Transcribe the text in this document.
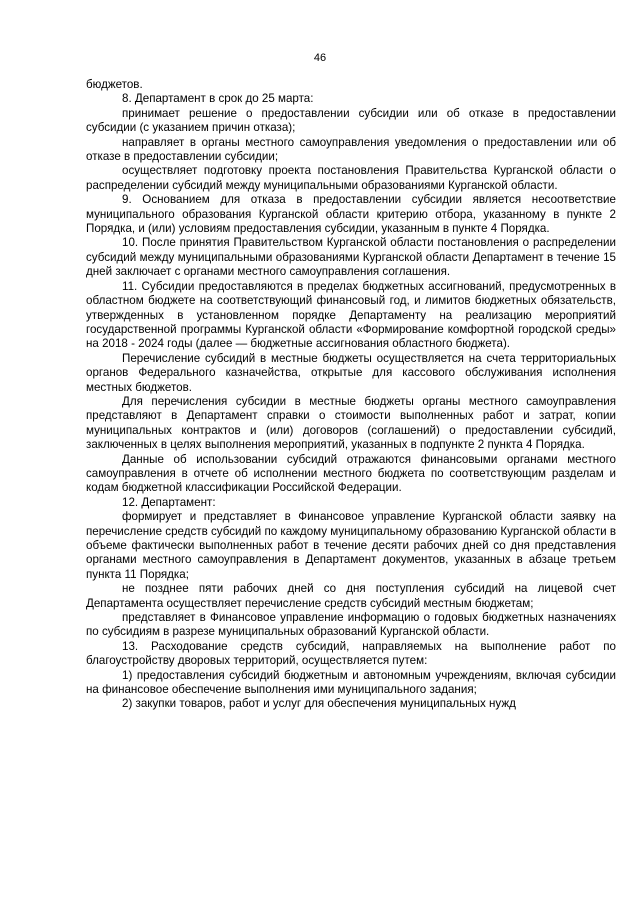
46

бюджетов.

8. Департамент в срок до 25 марта:

принимает решение о предоставлении субсидии или об отказе в предоставлении субсидии (с указанием причин отказа);

направляет в органы местного самоуправления уведомления о предоставлении или об отказе в предоставлении субсидии;

осуществляет подготовку проекта постановления Правительства Курганской области о распределении субсидий между муниципальными образованиями Курганской области.

9. Основанием для отказа в предоставлении субсидии является несоответствие муниципального образования Курганской области критерию отбора, указанному в пункте 2 Порядка, и (или) условиям предоставления субсидии, указанным в пункте 4 Порядка.

10. После принятия Правительством Курганской области постановления о распределении субсидий между муниципальными образованиями Курганской области Департамент в течение 15 дней заключает с органами местного самоуправления соглашения.

11. Субсидии предоставляются в пределах бюджетных ассигнований, предусмотренных в областном бюджете на соответствующий финансовый год, и лимитов бюджетных обязательств, утвержденных в установленном порядке Департаменту на реализацию мероприятий государственной программы Курганской области «Формирование комфортной городской среды» на 2018 - 2024 годы (далее — бюджетные ассигнования областного бюджета).

Перечисление субсидий в местные бюджеты осуществляется на счета территориальных органов Федерального казначейства, открытые для кассового обслуживания исполнения местных бюджетов.

Для перечисления субсидии в местные бюджеты органы местного самоуправления представляют в Департамент справки о стоимости выполненных работ и затрат, копии муниципальных контрактов и (или) договоров (соглашений) о предоставлении субсидий, заключенных в целях выполнения мероприятий, указанных в подпункте 2 пункта 4 Порядка.

Данные об использовании субсидий отражаются финансовыми органами местного самоуправления в отчете об исполнении местного бюджета по соответствующим разделам и кодам бюджетной классификации Российской Федерации.

12. Департамент:

формирует и представляет в Финансовое управление Курганской области заявку на перечисление средств субсидий по каждому муниципальному образованию Курганской области в объеме фактически выполненных работ в течение десяти рабочих дней со дня представления органами местного самоуправления в Департамент документов, указанных в абзаце третьем пункта 11 Порядка;

не позднее пяти рабочих дней со дня поступления субсидий на лицевой счет Департамента осуществляет перечисление средств субсидий местным бюджетам;

представляет в Финансовое управление информацию о годовых бюджетных назначениях по субсидиям в разрезе муниципальных образований Курганской области.

13. Расходование средств субсидий, направляемых на выполнение работ по благоустройству дворовых территорий, осуществляется путем:

1) предоставления субсидий бюджетным и автономным учреждениям, включая субсидии на финансовое обеспечение выполнения ими муниципального задания;

2) закупки товаров, работ и услуг для обеспечения муниципальных нужд
